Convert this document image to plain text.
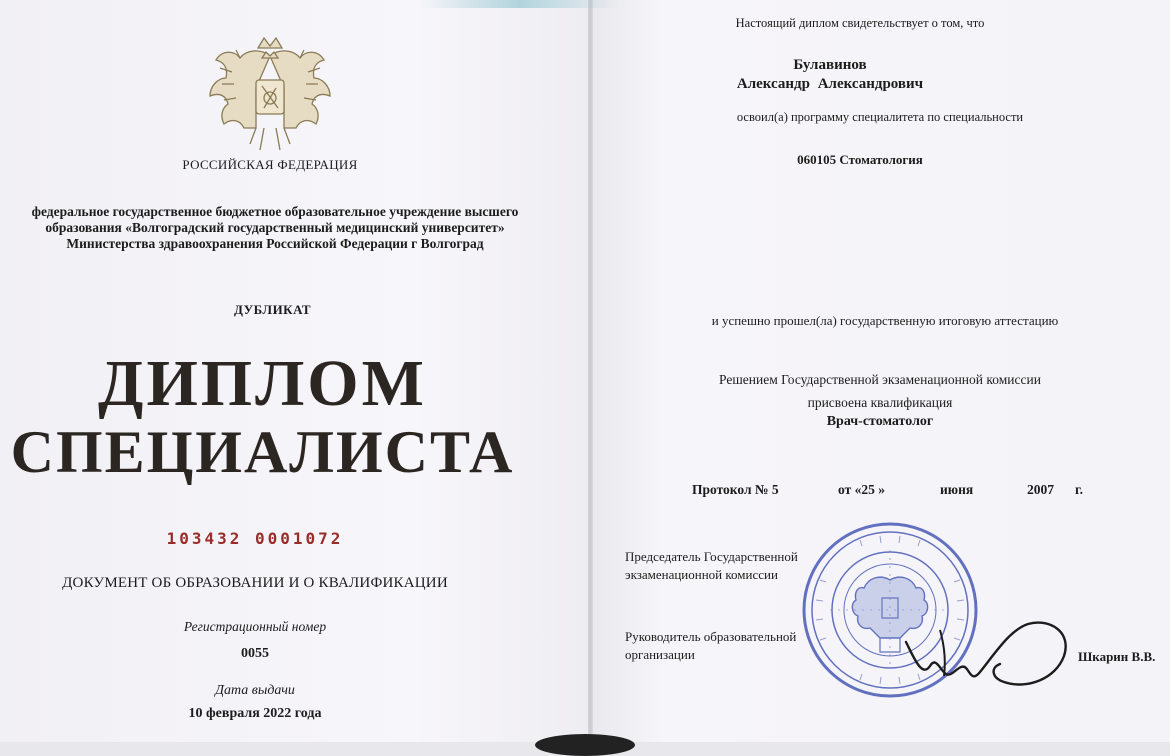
РОССИЙСКАЯ ФЕДЕРАЦИЯ
федеральное государственное бюджетное образовательное учреждение высшего образования «Волгоградский государственный медицинский университет» Министерства здравоохранения Российской Федерации г Волгоград
ДУБЛИКАТ
ДИПЛОМ
СПЕЦИАЛИСТА
103432 0001072
ДОКУМЕНТ ОБ ОБРАЗОВАНИИ И О КВАЛИФИКАЦИИ
Регистрационный номер
0055
Дата выдачи
10 февраля 2022 года
Настоящий диплом свидетельствует о том, что
Булавинов
Александр Александрович
освоил(а) программу специалитета по специальности
060105 Стоматология
и успешно прошел(ла) государственную итоговую аттестацию
Решением Государственной экзаменационной комиссии
присвоена квалификация
Врач-стоматолог
Протокол № 5	от «25 »	июня	2007 г.
Председатель Государственной экзаменационной комиссии
Руководитель образовательной организации	Шкарин В.В.
